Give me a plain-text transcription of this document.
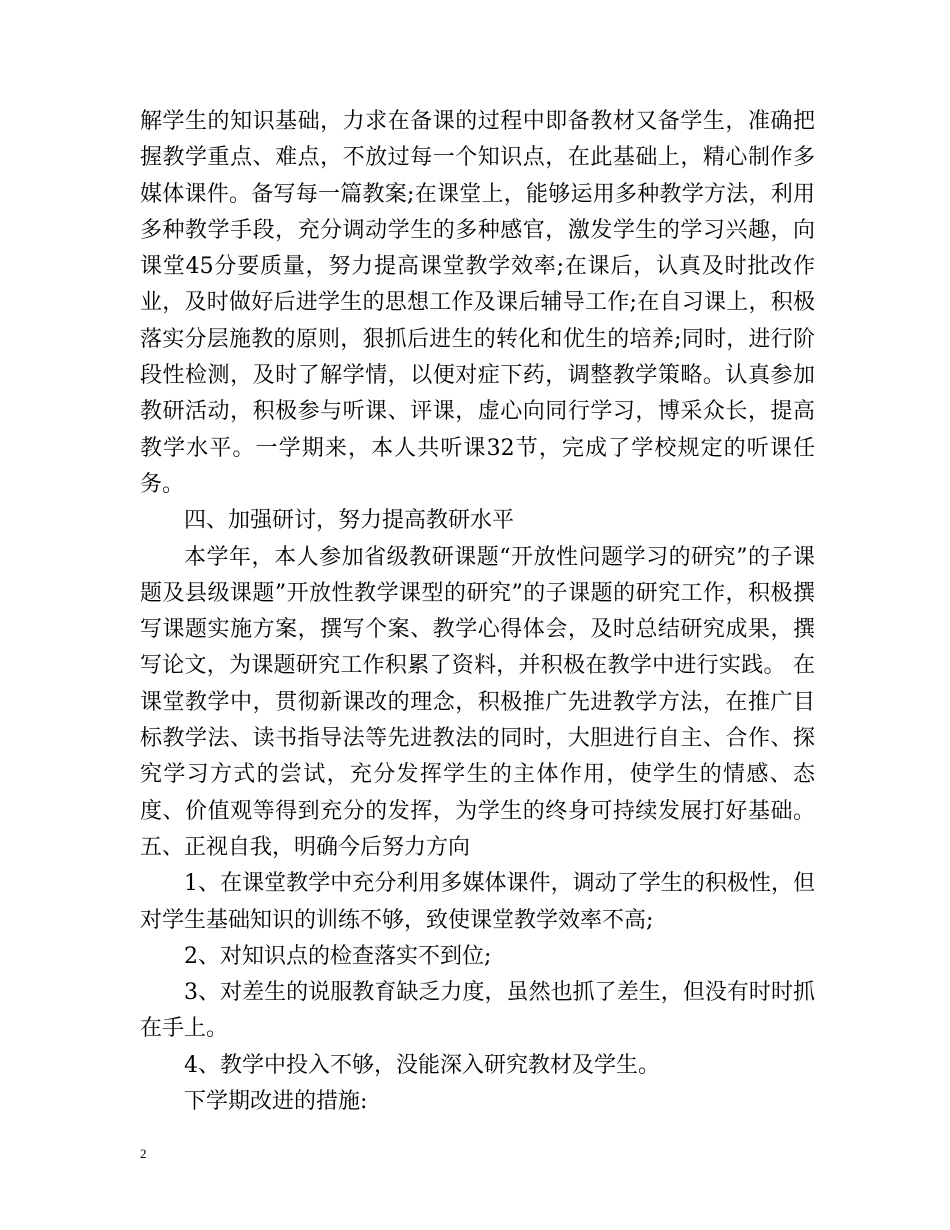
解学生的知识基础，力求在备课的过程中即备教材又备学生，准确把握教学重点、难点，不放过每一个知识点，在此基础上，精心制作多媒体课件。备写每一篇教案;在课堂上，能够运用多种教学方法，利用多种教学手段，充分调动学生的多种感官，激发学生的学习兴趣，向课堂45分要质量，努力提高课堂教学效率;在课后，认真及时批改作业，及时做好后进学生的思想工作及课后辅导工作;在自习课上，积极落实分层施教的原则，狠抓后进生的转化和优生的培养;同时，进行阶段性检测，及时了解学情，以便对症下药，调整教学策略。认真参加教研活动，积极参与听课、评课，虚心向同行学习，博采众长，提高教学水平。一学期来，本人共听课32节，完成了学校规定的听课任务。

四、加强研讨，努力提高教研水平

本学年，本人参加省级教研课题“开放性问题学习的研究”的子课题及县级课题”开放性教学课型的研究”的子课题的研究工作，积极撰写课题实施方案，撰写个案、教学心得体会，及时总结研究成果，撰写论文，为课题研究工作积累了资料，并积极在教学中进行实践。 在课堂教学中，贯彻新课改的理念，积极推广先进教学方法，在推广目标教学法、读书指导法等先进教法的同时，大胆进行自主、合作、探究学习方式的尝试，充分发挥学生的主体作用，使学生的情感、态度、价值观等得到充分的发挥，为学生的终身可持续发展打好基础。 五、正视自我，明确今后努力方向

1、在课堂教学中充分利用多媒体课件，调动了学生的积极性，但对学生基础知识的训练不够，致使课堂教学效率不高;

2、对知识点的检查落实不到位;

3、对差生的说服教育缺乏力度，虽然也抓了差生，但没有时时抓在手上。

4、教学中投入不够，没能深入研究教材及学生。

下学期改进的措施:

2
